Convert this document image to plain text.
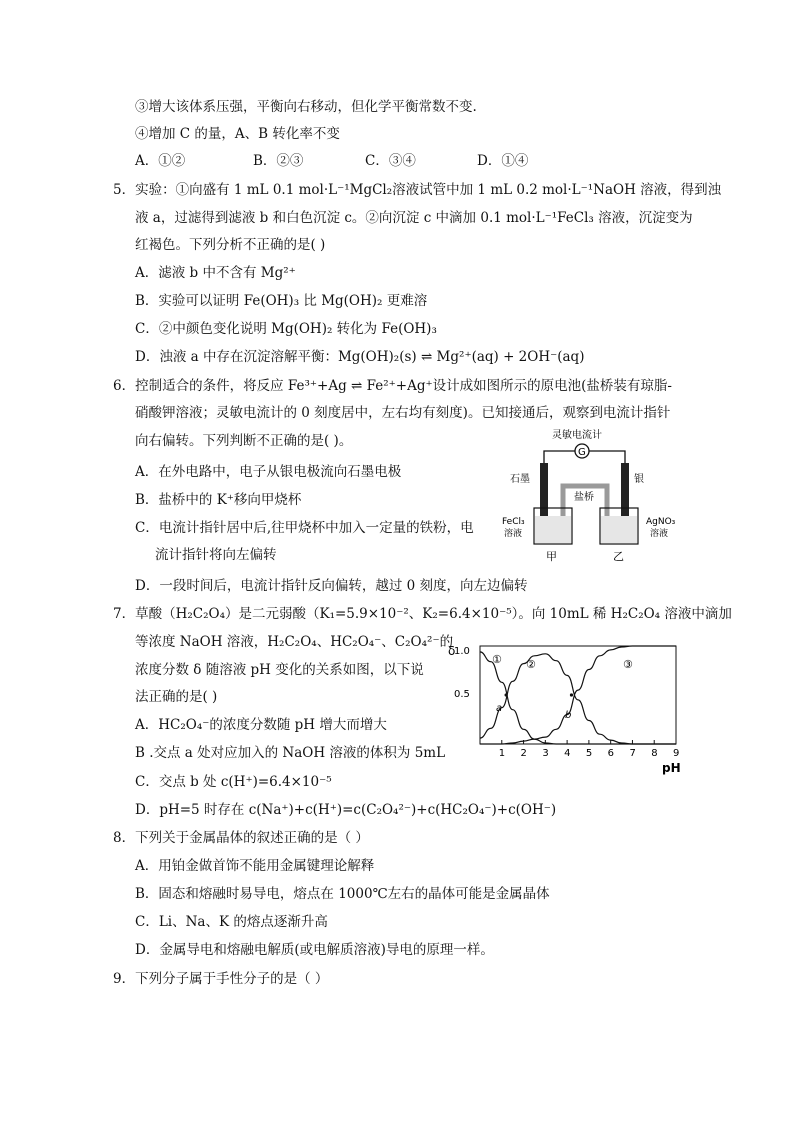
③增大该体系压强，平衡向右移动，但化学平衡常数不变.
④增加 C 的量，A、B 转化率不变
A．①②	B．②③	C．③④	D．①④
5．实验：①向盛有 1 mL 0.1 mol·L⁻¹MgCl₂溶液试管中加 1 mL 0.2 mol·L⁻¹NaOH 溶液，得到浊
液 a，过滤得到滤液 b 和白色沉淀 c。②向沉淀 c 中滴加 0.1 mol·L⁻¹FeCl₃ 溶液，沉淀变为
红褐色。下列分析不正确的是( )
A．滤液 b 中不含有 Mg²⁺
B．实验可以证明 Fe(OH)₃ 比 Mg(OH)₂ 更难溶
C．②中颜色变化说明 Mg(OH)₂ 转化为 Fe(OH)₃
D．浊液 a 中存在沉淀溶解平衡：Mg(OH)₂(s) ⇌ Mg²⁺(aq) + 2OH⁻(aq)
6．控制适合的条件，将反应 Fe³⁺+Ag ⇌ Fe²⁺+Ag⁺设计成如图所示的原电池(盐桥装有琼脂-
硝酸钾溶液；灵敏电流计的 0 刻度居中，左右均有刻度)。已知接通后，观察到电流计指针
向右偏转。下列判断不正确的是( )。
A．在外电路中，电子从银电极流向石墨电极
B．盐桥中的 K⁺移向甲烧杯
C．电流计指针居中后,往甲烧杯中加入一定量的铁粉，电
流计指针将向左偏转
D．一段时间后，电流计指针反向偏转，越过 0 刻度，向左边偏转
灵敏电流计
G
石墨	银
盐桥
FeCl₃
溶液
AgNO₃
溶液
甲	乙
7．草酸（H₂C₂O₄）是二元弱酸（K₁=5.9×10⁻²、K₂=6.4×10⁻⁵）。向 10mL 稀 H₂C₂O₄ 溶液中滴加
等浓度 NaOH 溶液，H₂C₂O₄、HC₂O₄⁻、C₂O₄²⁻的
浓度分数 δ 随溶液 pH 变化的关系如图，以下说
法正确的是( )
A．HC₂O₄⁻的浓度分数随 pH 增大而增大
B .交点 a 处对应加入的 NaOH 溶液的体积为 5mL
C．交点 b 处 c(H⁺)=6.4×10⁻⁵
D．pH=5 时存在 c(Na⁺)+c(H⁺)=c(C₂O₄²⁻)+c(HC₂O₄⁻)+c(OH⁻)
δ
1.0
0.5
1 2 3 4 5 6 7 8 9
① ②	③
a
b
pH
8．下列关于金属晶体的叙述正确的是（ ）
A．用铂金做首饰不能用金属键理论解释
B．固态和熔融时易导电，熔点在 1000℃左右的晶体可能是金属晶体
C．Li、Na、K 的熔点逐渐升高
D．金属导电和熔融电解质(或电解质溶液)导电的原理一样。
9．下列分子属于手性分子的是（ ）
